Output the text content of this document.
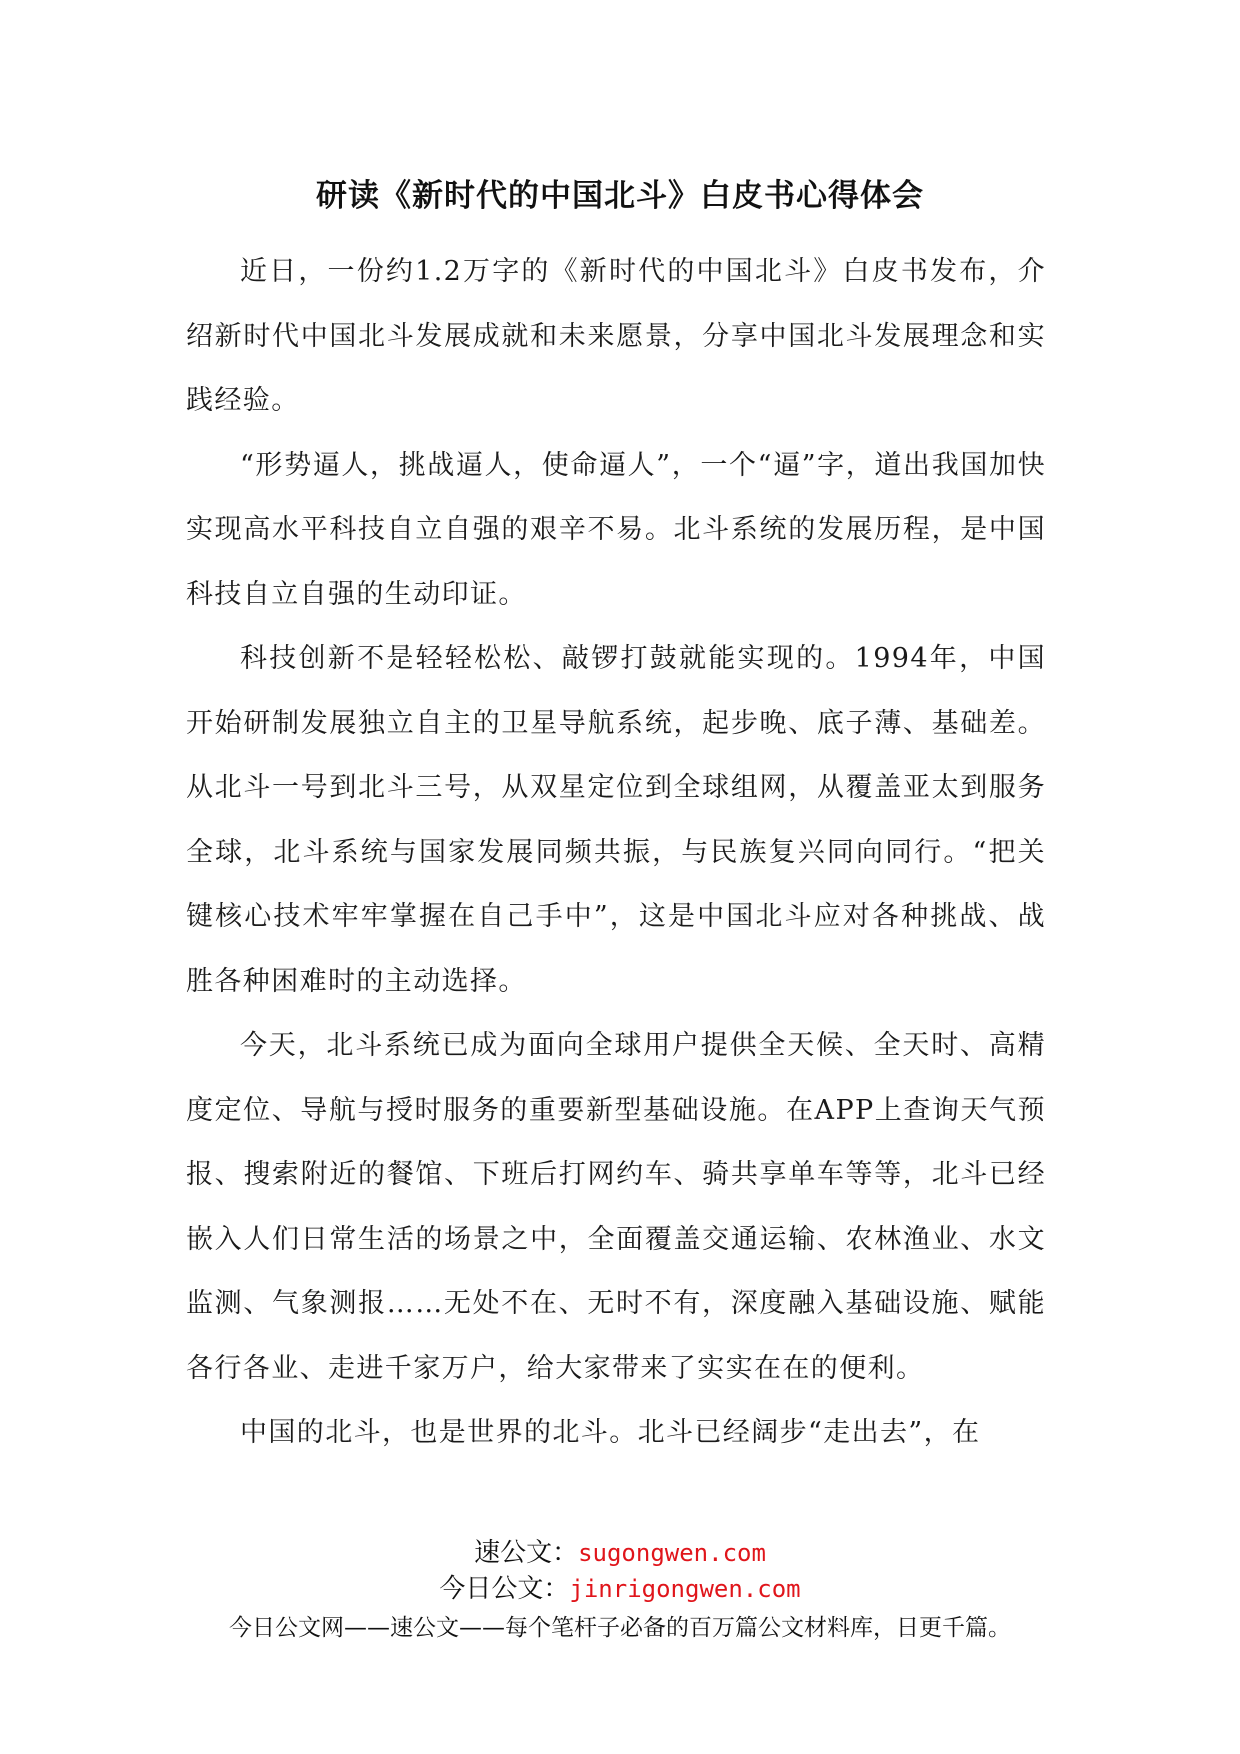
研读《新时代的中国北斗》白皮书心得体会

近日，一份约1.2万字的《新时代的中国北斗》白皮书发布，介绍新时代中国北斗发展成就和未来愿景，分享中国北斗发展理念和实践经验。

“形势逼人，挑战逼人，使命逼人”，一个“逼”字，道出我国加快实现高水平科技自立自强的艰辛不易。北斗系统的发展历程，是中国科技自立自强的生动印证。

科技创新不是轻轻松松、敲锣打鼓就能实现的。1994年，中国开始研制发展独立自主的卫星导航系统，起步晚、底子薄、基础差。从北斗一号到北斗三号，从双星定位到全球组网，从覆盖亚太到服务全球，北斗系统与国家发展同频共振，与民族复兴同向同行。“把关键核心技术牢牢掌握在自己手中”，这是中国北斗应对各种挑战、战胜各种困难时的主动选择。

今天，北斗系统已成为面向全球用户提供全天候、全天时、高精度定位、导航与授时服务的重要新型基础设施。在APP上查询天气预报、搜索附近的餐馆、下班后打网约车、骑共享单车等等，北斗已经嵌入人们日常生活的场景之中，全面覆盖交通运输、农林渔业、水文监测、气象测报……无处不在、无时不有，深度融入基础设施、赋能各行各业、走进千家万户，给大家带来了实实在在的便利。

中国的北斗，也是世界的北斗。北斗已经阔步“走出去”，在

速公文：sugongwen.com
今日公文：jinrigongwen.com
今日公文网——速公文——每个笔杆子必备的百万篇公文材料库，日更千篇。
